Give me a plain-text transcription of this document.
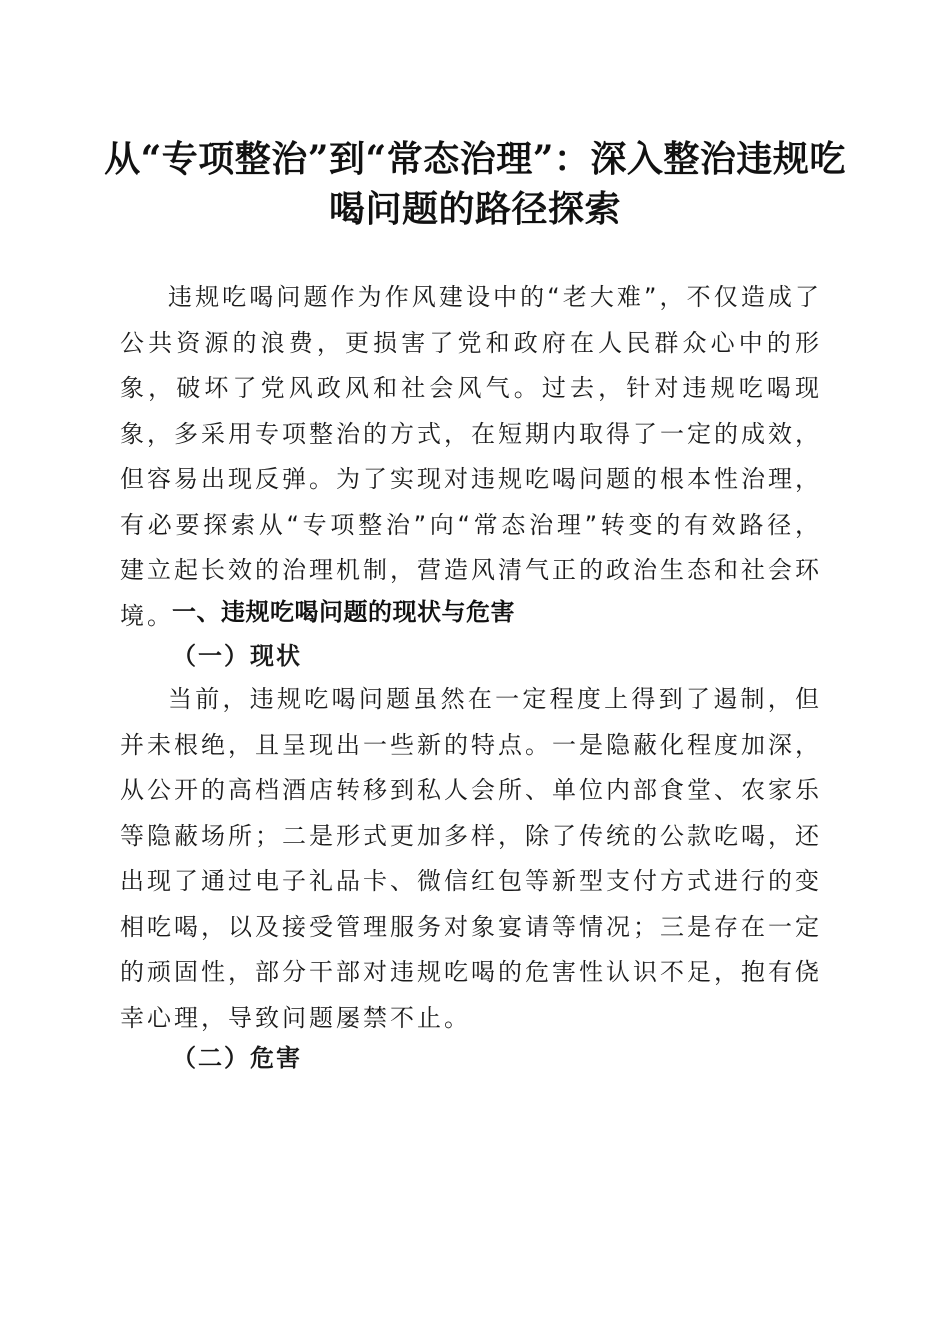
从“专项整治”到“常态治理”：深入整治违规吃喝问题的路径探索

违规吃喝问题作为作风建设中的“老大难”，不仅造成了公共资源的浪费，更损害了党和政府在人民群众心中的形象，破坏了党风政风和社会风气。过去，针对违规吃喝现象，多采用专项整治的方式，在短期内取得了一定的成效，但容易出现反弹。为了实现对违规吃喝问题的根本性治理，有必要探索从“专项整治”向“常态治理”转变的有效路径，建立起长效的治理机制，营造风清气正的政治生态和社会环境。

一、违规吃喝问题的现状与危害
（一）现状

当前，违规吃喝问题虽然在一定程度上得到了遏制，但并未根绝，且呈现出一些新的特点。一是隐蔽化程度加深，从公开的高档酒店转移到私人会所、单位内部食堂、农家乐等隐蔽场所；二是形式更加多样，除了传统的公款吃喝，还出现了通过电子礼品卡、微信红包等新型支付方式进行的变相吃喝，以及接受管理服务对象宴请等情况；三是存在一定的顽固性，部分干部对违规吃喝的危害性认识不足，抱有侥幸心理，导致问题屡禁不止。

（二）危害
